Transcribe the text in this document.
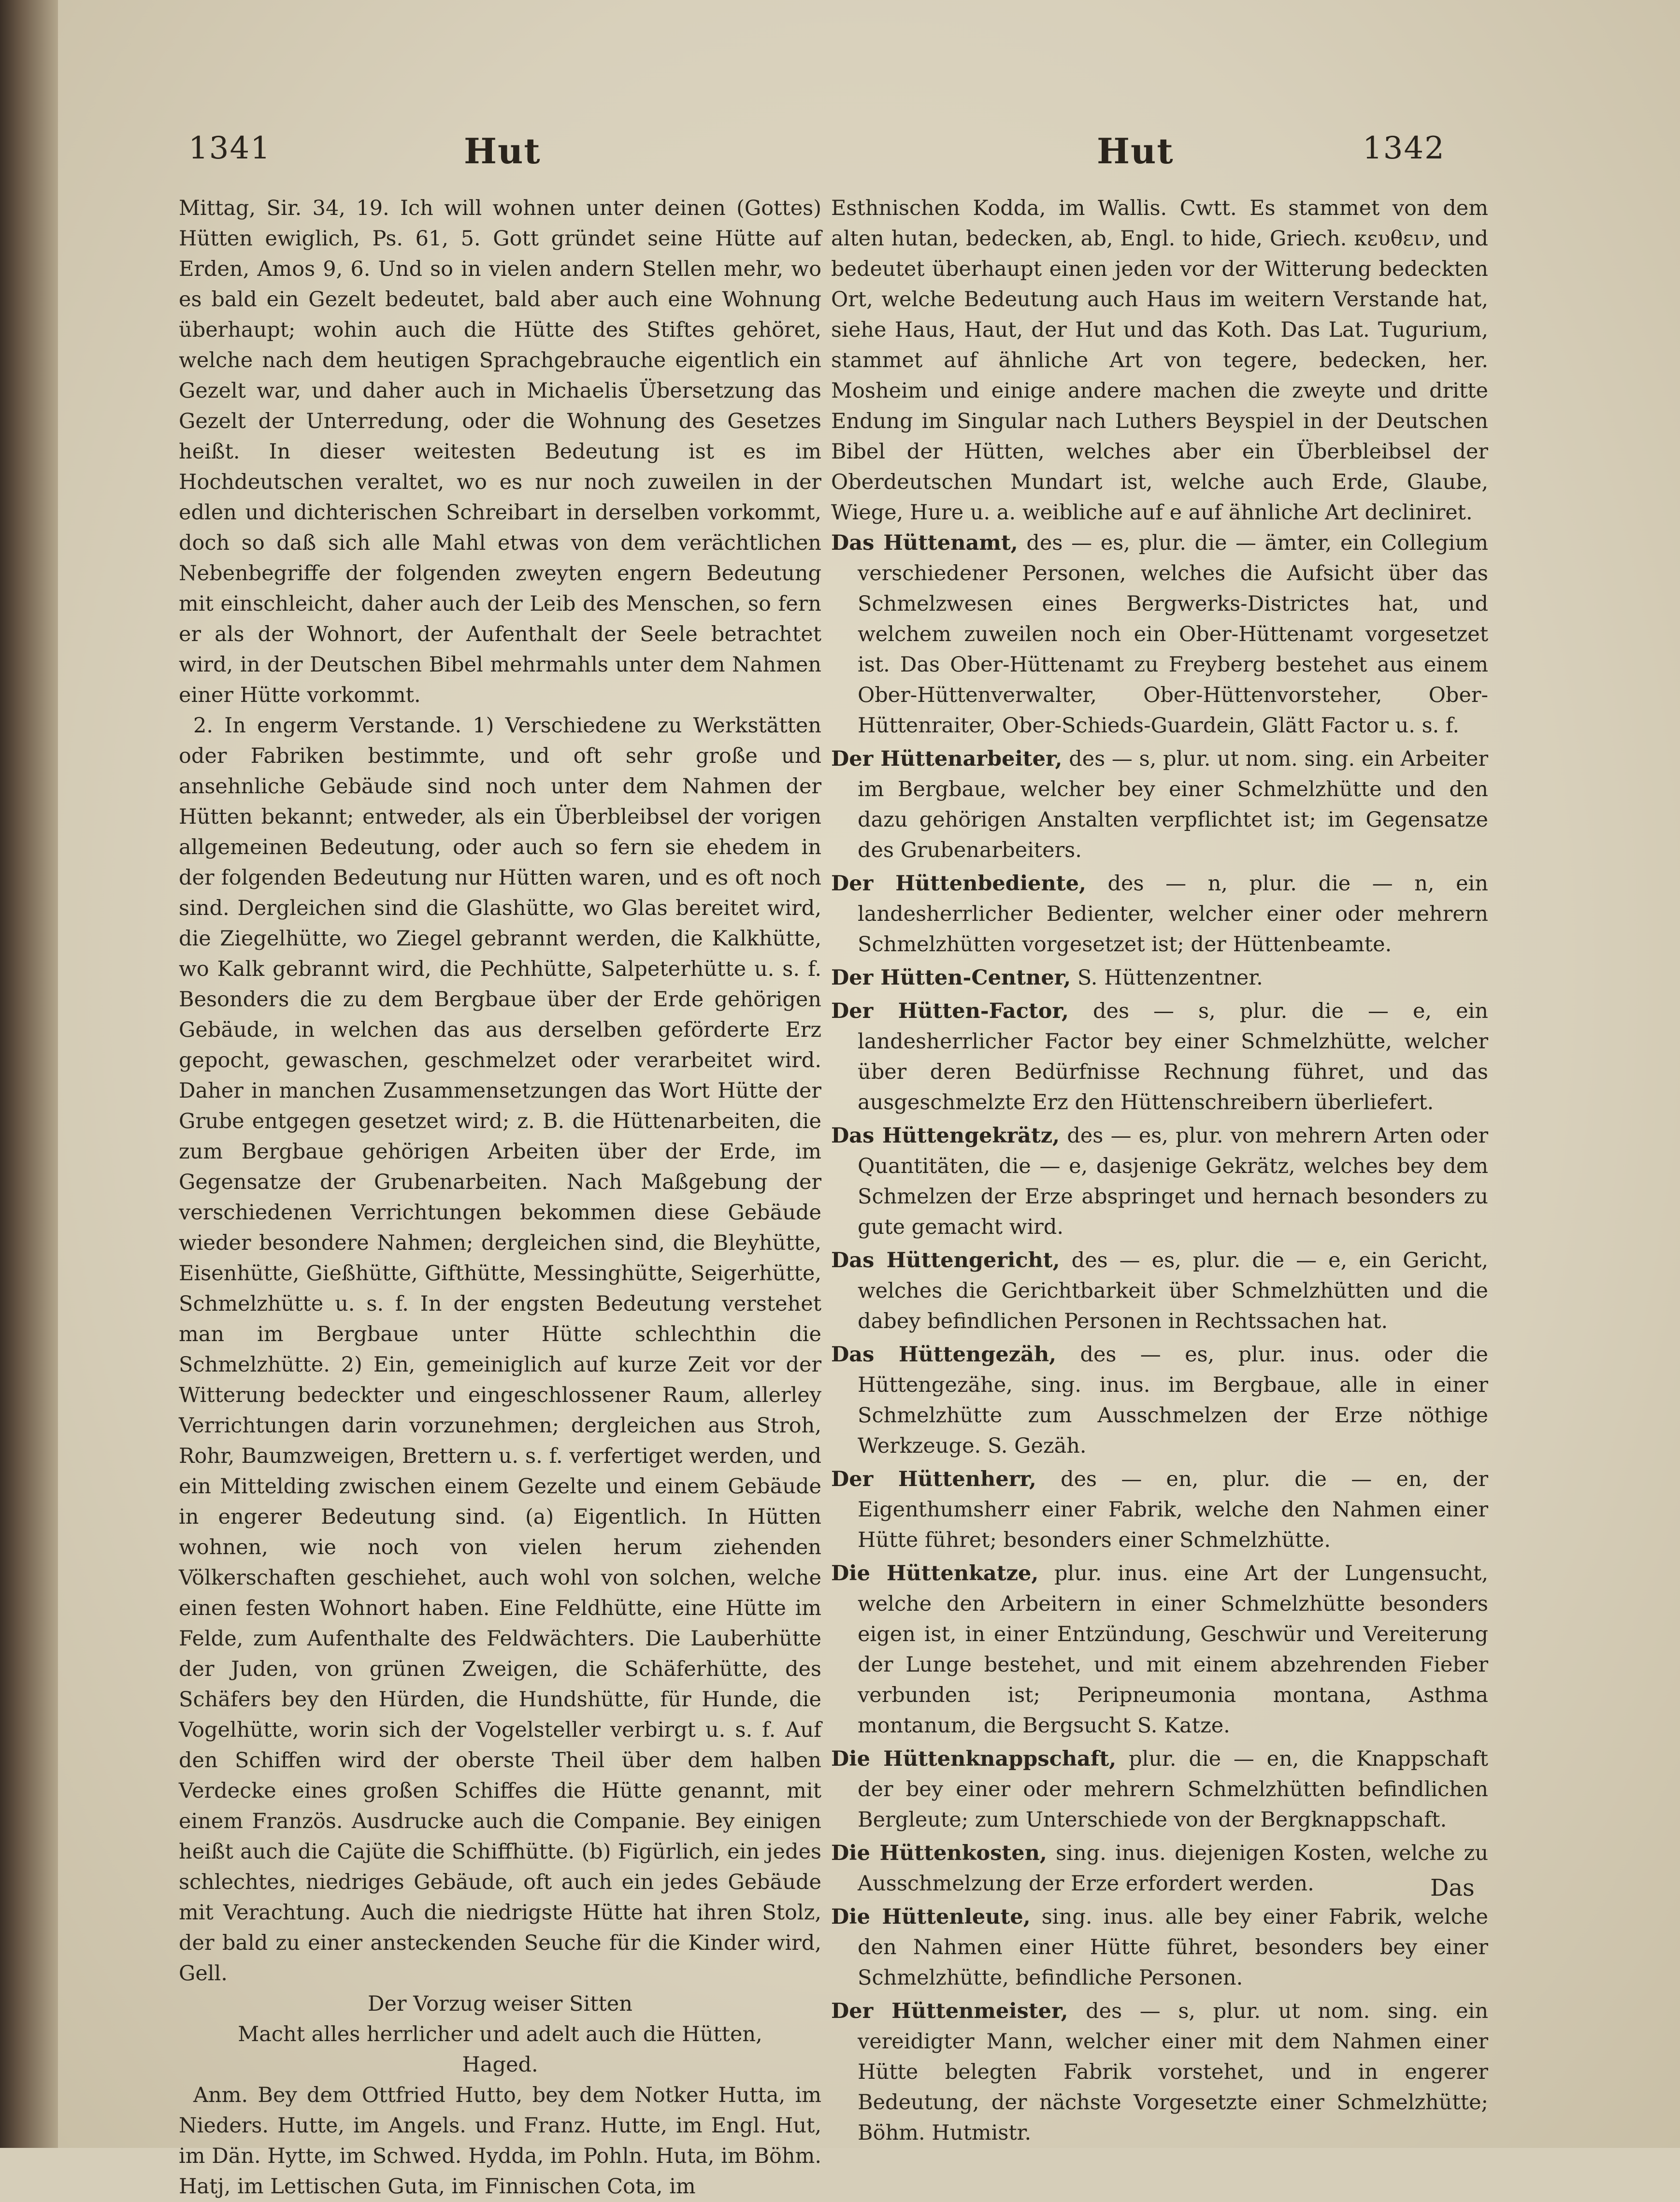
1341	Hut	Hut	1342

Mittag, Sir. 34, 19. Ich will wohnen unter deinen (Gottes) Hütten ewiglich, Ps. 61, 5. Gott gründet seine Hütte auf Erden, Amos 9, 6. Und so in vielen andern Stellen mehr, wo es bald ein Gezelt bedeutet, bald aber auch eine Wohnung überhaupt; wohin auch die Hütte des Stiftes gehöret, welche nach dem heutigen Sprachgebrauche eigentlich ein Gezelt war, und daher auch in Michaelis Übersetzung das Gezelt der Unterredung, oder die Wohnung des Gesetzes heißt. In dieser weitesten Bedeutung ist es im Hochdeutschen veraltet, wo es nur noch zuweilen in der edlen und dichterischen Schreibart in derselben vorkommt, doch so daß sich alle Mahl etwas von dem verächtlichen Nebenbegriffe der folgenden zweyten engern Bedeutung mit einschleicht, daher auch der Leib des Menschen, so fern er als der Wohnort, der Aufenthalt der Seele betrachtet wird, in der Deutschen Bibel mehrmahls unter dem Nahmen einer Hütte vorkommt.

2. In engerm Verstande. 1) Verschiedene zu Werkstätten oder Fabriken bestimmte, und oft sehr große und ansehnliche Gebäude sind noch unter dem Nahmen der Hütten bekannt; entweder, als ein Überbleibsel der vorigen allgemeinen Bedeutung, oder auch so fern sie ehedem in der folgenden Bedeutung nur Hütten waren, und es oft noch sind. Dergleichen sind die Glashütte, wo Glas bereitet wird, die Ziegelhütte, wo Ziegel gebrannt werden, die Kalkhütte, wo Kalk gebrannt wird, die Pechhütte, Salpeterhütte u. s. f. Besonders die zu dem Bergbaue über der Erde gehörigen Gebäude, in welchen das aus derselben geförderte Erz gepocht, gewaschen, geschmelzet oder verarbeitet wird. Daher in manchen Zusammensetzungen das Wort Hütte der Grube entgegen gesetzet wird; z. B. die Hüttenarbeiten, die zum Bergbaue gehörigen Arbeiten über der Erde, im Gegensatze der Grubenarbeiten. Nach Maßgebung der verschiedenen Verrichtungen bekommen diese Gebäude wieder besondere Nahmen; dergleichen sind, die Bleyhütte, Eisenhütte, Gießhütte, Gifthütte, Messinghütte, Seigerhütte, Schmelzhütte u. s. f. In der engsten Bedeutung verstehet man im Bergbaue unter Hütte schlechthin die Schmelzhütte. 2) Ein, gemeiniglich auf kurze Zeit vor der Witterung bedeckter und eingeschlossener Raum, allerley Verrichtungen darin vorzunehmen; dergleichen aus Stroh, Rohr, Baumzweigen, Brettern u. s. f. verfertiget werden, und ein Mittelding zwischen einem Gezelte und einem Gebäude in engerer Bedeutung sind. (a) Eigentlich. In Hütten wohnen, wie noch von vielen herum ziehenden Völkerschaften geschiehet, auch wohl von solchen, welche einen festen Wohnort haben. Eine Feldhütte, eine Hütte im Felde, zum Aufenthalte des Feldwächters. Die Lauberhütte der Juden, von grünen Zweigen, die Schäferhütte, des Schäfers bey den Hürden, die Hundshütte, für Hunde, die Vogelhütte, worin sich der Vogelsteller verbirgt u. s. f. Auf den Schiffen wird der oberste Theil über dem halben Verdecke eines großen Schiffes die Hütte genannt, mit einem Französ. Ausdrucke auch die Companie. Bey einigen heißt auch die Cajüte die Schiffhütte. (b) Figürlich, ein jedes schlechtes, niedriges Gebäude, oft auch ein jedes Gebäude mit Verachtung. Auch die niedrigste Hütte hat ihren Stolz, der bald zu einer ansteckenden Seuche für die Kinder wird, Gell.

Der Vorzug weiser Sitten

Macht alles herrlicher und adelt auch die Hütten,

Haged.

Anm. Bey dem Ottfried Hutto, bey dem Notker Hutta, im Nieders. Hutte, im Angels. und Franz. Hutte, im Engl. Hut, im Dän. Hytte, im Schwed. Hydda, im Pohln. Huta, im Böhm. Hatj, im Lettischen Guta, im Finnischen Cota, im

Esthnischen Kodda, im Wallis. Cwtt. Es stammet von dem alten hutan, bedecken, ab, Engl. to hide, Griech. κευθειν, und bedeutet überhaupt einen jeden vor der Witterung bedeckten Ort, welche Bedeutung auch Haus im weitern Verstande hat, siehe Haus, Haut, der Hut und das Koth. Das Lat. Tugurium, stammet auf ähnliche Art von tegere, bedecken, her. Mosheim und einige andere machen die zweyte und dritte Endung im Singular nach Luthers Beyspiel in der Deutschen Bibel der Hütten, welches aber ein Überbleibsel der Oberdeutschen Mundart ist, welche auch Erde, Glaube, Wiege, Hure u. a. weibliche auf e auf ähnliche Art decliniret.

Das Hüttenamt, des — es, plur. die — ämter, ein Collegium verschiedener Personen, welches die Aufsicht über das Schmelzwesen eines Bergwerks-Districtes hat, und welchem zuweilen noch ein Ober-Hüttenamt vorgesetzet ist. Das Ober-Hüttenamt zu Freyberg bestehet aus einem Ober-Hüttenverwalter, Ober-Hüttenvorsteher, Ober-Hüttenraiter, Ober-Schieds-Guardein, Glätt Factor u. s. f.

Der Hüttenarbeiter, des — s, plur. ut nom. sing. ein Arbeiter im Bergbaue, welcher bey einer Schmelzhütte und den dazu gehörigen Anstalten verpflichtet ist; im Gegensatze des Grubenarbeiters.

Der Hüttenbediente, des — n, plur. die — n, ein landesherrlicher Bedienter, welcher einer oder mehrern Schmelzhütten vorgesetzet ist; der Hüttenbeamte.

Der Hütten-Centner, S. Hüttenzentner.

Der Hütten-Factor, des — s, plur. die — e, ein landesherrlicher Factor bey einer Schmelzhütte, welcher über deren Bedürfnisse Rechnung führet, und das ausgeschmelzte Erz den Hüttenschreibern überliefert.

Das Hüttengekrätz, des — es, plur. von mehrern Arten oder Quantitäten, die — e, dasjenige Gekrätz, welches bey dem Schmelzen der Erze abspringet und hernach besonders zu gute gemacht wird.

Das Hüttengericht, des — es, plur. die — e, ein Gericht, welches die Gerichtbarkeit über Schmelzhütten und die dabey befindlichen Personen in Rechtssachen hat.

Das Hüttengezäh, des — es, plur. inus. oder die Hüttengezähe, sing. inus. im Bergbaue, alle in einer Schmelzhütte zum Ausschmelzen der Erze nöthige Werkzeuge. S. Gezäh.

Der Hüttenherr, des — en, plur. die — en, der Eigenthumsherr einer Fabrik, welche den Nahmen einer Hütte führet; besonders einer Schmelzhütte.

Die Hüttenkatze, plur. inus. eine Art der Lungensucht, welche den Arbeitern in einer Schmelzhütte besonders eigen ist, in einer Entzündung, Geschwür und Vereiterung der Lunge bestehet, und mit einem abzehrenden Fieber verbunden ist; Peripneumonia montana, Asthma montanum, die Bergsucht S. Katze.

Die Hüttenknappschaft, plur. die — en, die Knappschaft der bey einer oder mehrern Schmelzhütten befindlichen Bergleute; zum Unterschiede von der Bergknappschaft.

Die Hüttenkosten, sing. inus. diejenigen Kosten, welche zu Ausschmelzung der Erze erfordert werden.

Die Hüttenleute, sing. inus. alle bey einer Fabrik, welche den Nahmen einer Hütte führet, besonders bey einer Schmelzhütte, befindliche Personen.

Der Hüttenmeister, des — s, plur. ut nom. sing. ein vereidigter Mann, welcher einer mit dem Nahmen einer Hütte belegten Fabrik vorstehet, und in engerer Bedeutung, der nächste Vorgesetzte einer Schmelzhütte; Böhm. Hutmistr.

Das
